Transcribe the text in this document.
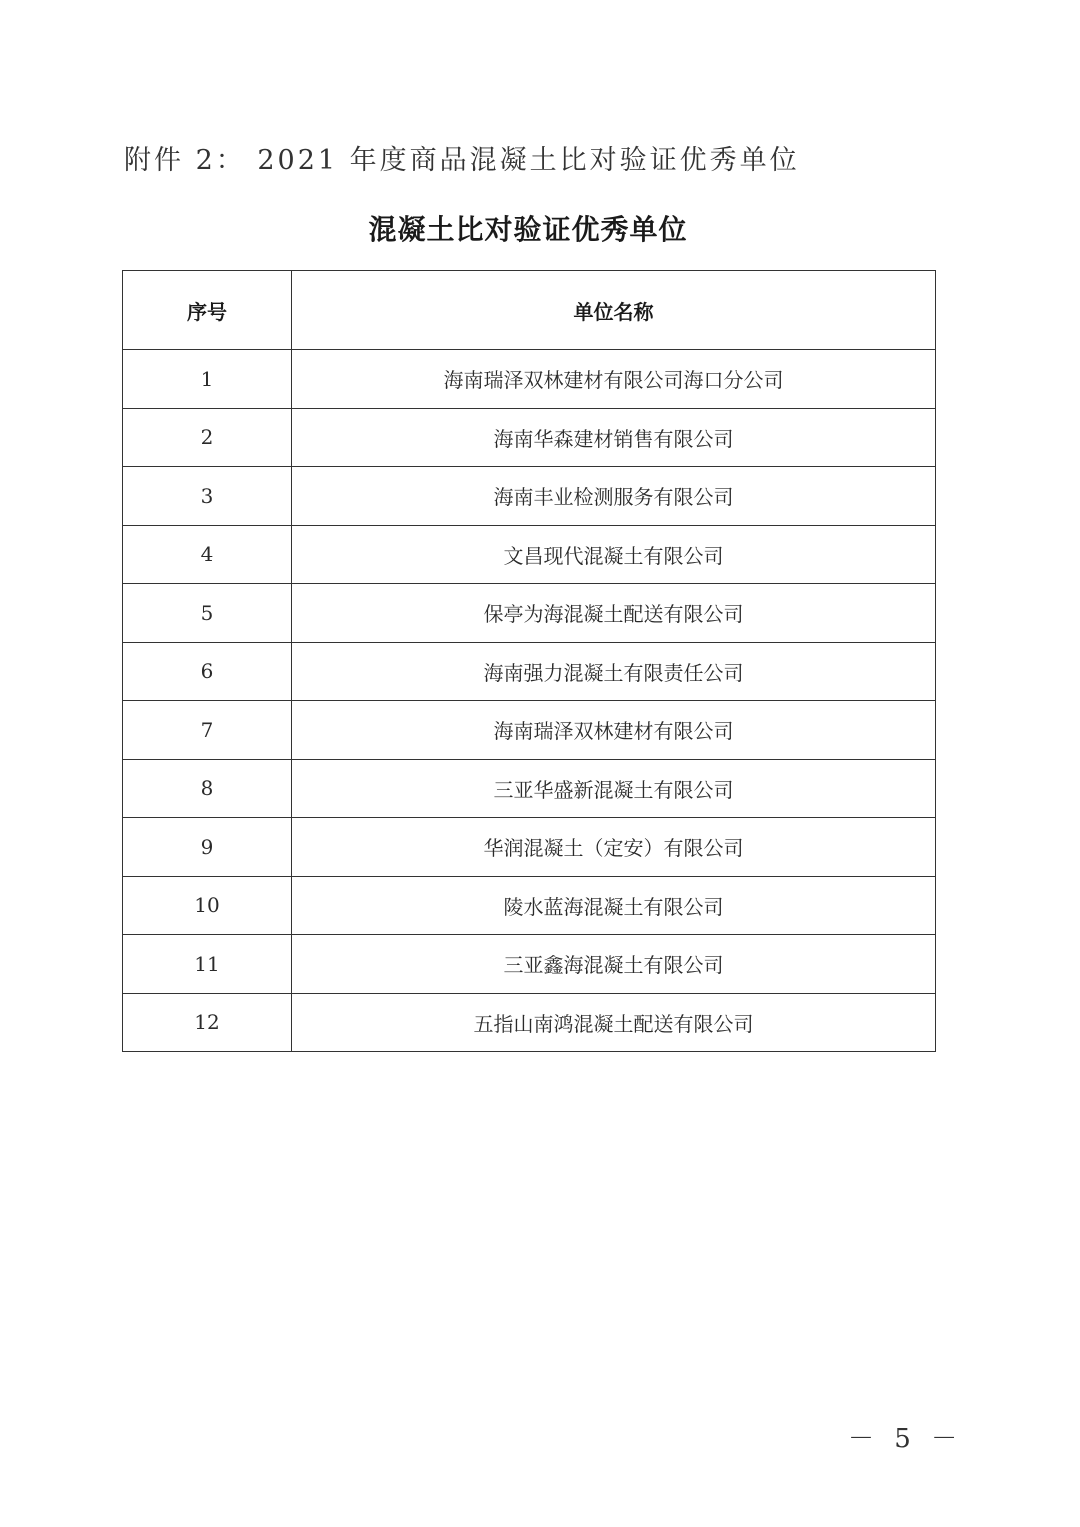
附件 2： 2021 年度商品混凝土比对验证优秀单位
混凝土比对验证优秀单位
序号	单位名称
1	海南瑞泽双林建材有限公司海口分公司
2	海南华森建材销售有限公司
3	海南丰业检测服务有限公司
4	文昌现代混凝土有限公司
5	保亭为海混凝土配送有限公司
6	海南强力混凝土有限责任公司
7	海南瑞泽双林建材有限公司
8	三亚华盛新混凝土有限公司
9	华润混凝土（定安）有限公司
10	陵水蓝海混凝土有限公司
11	三亚鑫海混凝土有限公司
12	五指山南鸿混凝土配送有限公司
－ 5 －
